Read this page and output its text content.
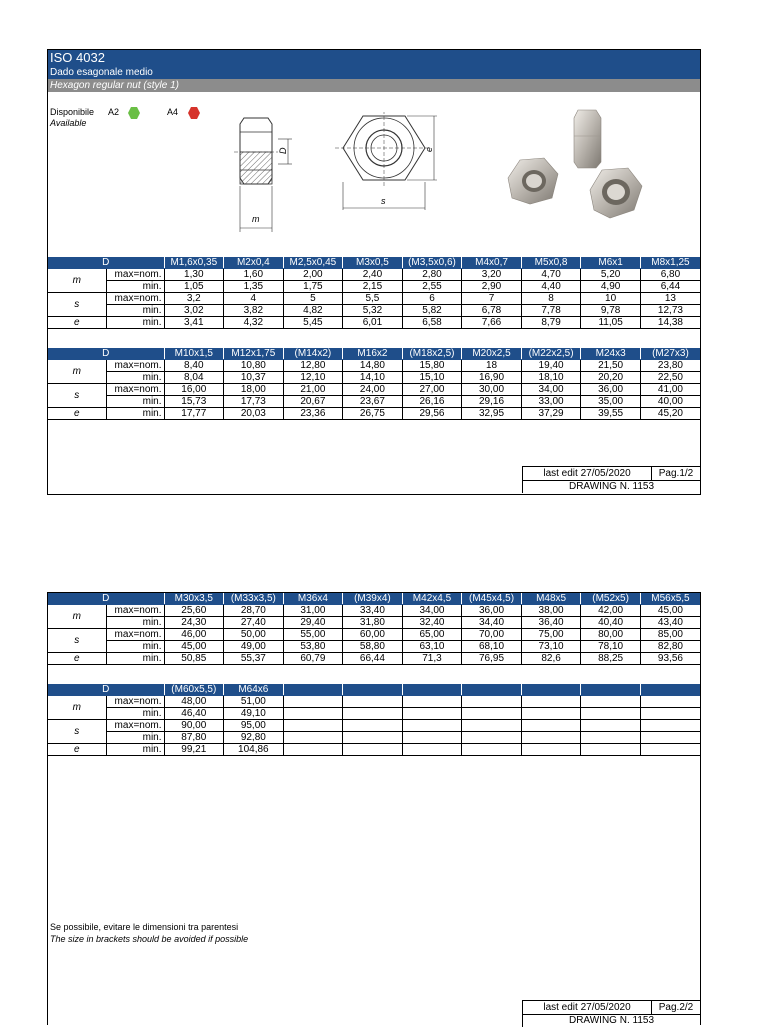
ISO 4032
Dado esagonale medio
Hexagon regular nut (style 1)
Disponibile
Available
A2	A4
D
m
e
s
D		M1,6x0,35	M2x0,4	M2,5x0,45	M3x0,5	(M3,5x0,6)	M4x0,7	M5x0,8	M6x1	M8x1,25
m	max=nom.	1,30	1,60	2,00	2,40	2,80	3,20	4,70	5,20	6,80
	min.	1,05	1,35	1,75	2,15	2,55	2,90	4,40	4,90	6,44
s	max=nom.	3,2	4	5	5,5	6	7	8	10	13
	min.	3,02	3,82	4,82	5,32	5,82	6,78	7,78	9,78	12,73
e	min.	3,41	4,32	5,45	6,01	6,58	7,66	8,79	11,05	14,38
D		M10x1,5	M12x1,75	(M14x2)	M16x2	(M18x2,5)	M20x2,5	(M22x2,5)	M24x3	(M27x3)
m	max=nom.	8,40	10,80	12,80	14,80	15,80	18	19,40	21,50	23,80
	min.	8,04	10,37	12,10	14,10	15,10	16,90	18,10	20,20	22,50
s	max=nom.	16,00	18,00	21,00	24,00	27,00	30,00	34,00	36,00	41,00
	min.	15,73	17,73	20,67	23,67	26,16	29,16	33,00	35,00	40,00
e	min.	17,77	20,03	23,36	26,75	29,56	32,95	37,29	39,55	45,20
last edit 27/05/2020	Pag.1/2
DRAWING N. 1153
D		M30x3,5	(M33x3,5)	M36x4	(M39x4)	M42x4,5	(M45x4,5)	M48x5	(M52x5)	M56x5,5
m	max=nom.	25,60	28,70	31,00	33,40	34,00	36,00	38,00	42,00	45,00
	min.	24,30	27,40	29,40	31,80	32,40	34,40	36,40	40,40	43,40
s	max=nom.	46,00	50,00	55,00	60,00	65,00	70,00	75,00	80,00	85,00
	min.	45,00	49,00	53,80	58,80	63,10	68,10	73,10	78,10	82,80
e	min.	50,85	55,37	60,79	66,44	71,3	76,95	82,6	88,25	93,56
D		(M60x5,5)	M64x6							
m	max=nom.	48,00	51,00							
	min.	46,40	49,10							
s	max=nom.	90,00	95,00							
	min.	87,80	92,80							
e	min.	99,21	104,86							
Se possibile, evitare le dimensioni tra parentesi
The size in brackets should be avoided if possible
last edit 27/05/2020	Pag.2/2
DRAWING N. 1153
